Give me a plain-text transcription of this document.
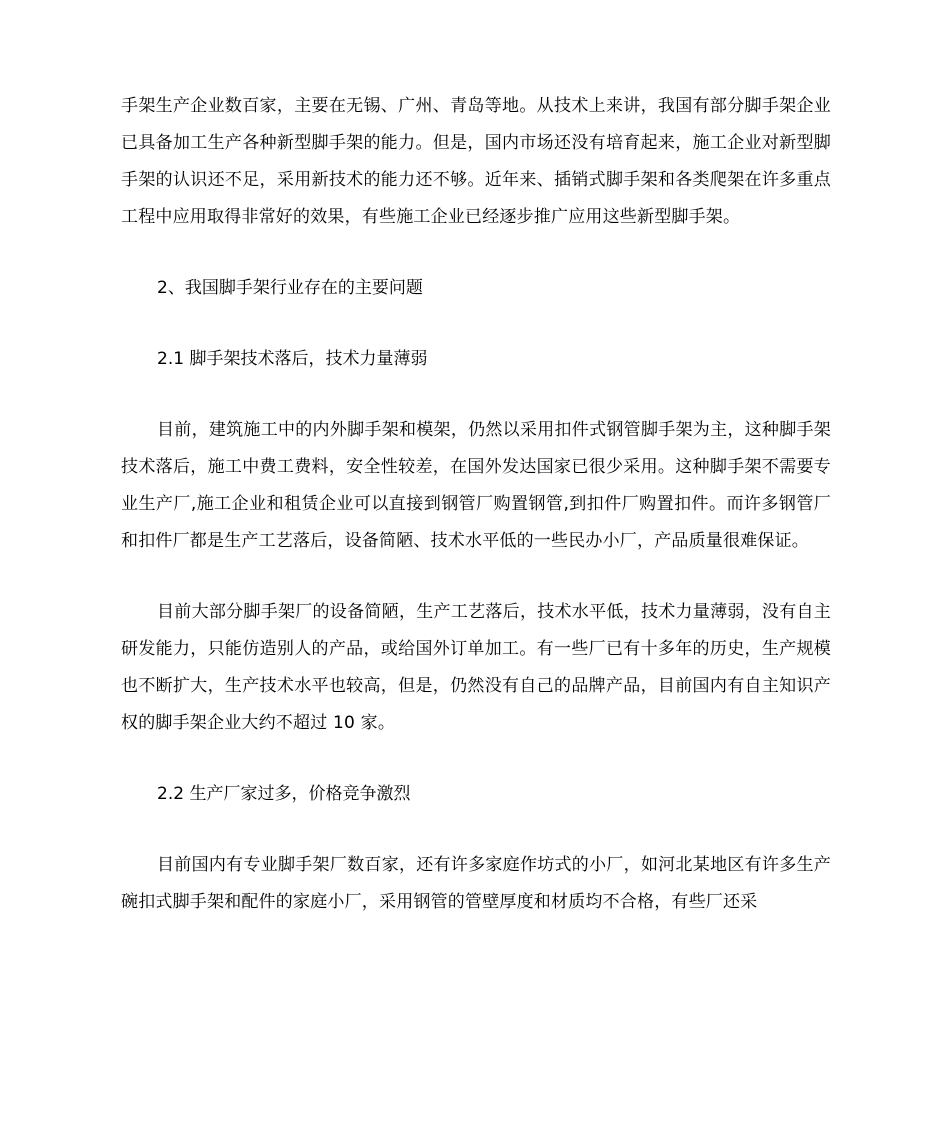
手架生产企业数百家，主要在无锡、广州、青岛等地。从技术上来讲，我国有部分脚手架企业已具备加工生产各种新型脚手架的能力。但是，国内市场还没有培育起来，施工企业对新型脚手架的认识还不足，采用新技术的能力还不够。近年来、插销式脚手架和各类爬架在许多重点工程中应用取得非常好的效果，有些施工企业已经逐步推广应用这些新型脚手架。

2、我国脚手架行业存在的主要问题

2.1 脚手架技术落后，技术力量薄弱

目前，建筑施工中的内外脚手架和模架，仍然以采用扣件式钢管脚手架为主，这种脚手架技术落后，施工中费工费料，安全性较差，在国外发达国家已很少采用。这种脚手架不需要专业生产厂,施工企业和租赁企业可以直接到钢管厂购置钢管,到扣件厂购置扣件。而许多钢管厂和扣件厂都是生产工艺落后，设备简陋、技术水平低的一些民办小厂，产品质量很难保证。

目前大部分脚手架厂的设备简陋，生产工艺落后，技术水平低，技术力量薄弱，没有自主研发能力，只能仿造别人的产品，或给国外订单加工。有一些厂已有十多年的历史，生产规模也不断扩大，生产技术水平也较高，但是，仍然没有自己的品牌产品，目前国内有自主知识产权的脚手架企业大约不超过 10 家。

2.2 生产厂家过多，价格竞争激烈

目前国内有专业脚手架厂数百家，还有许多家庭作坊式的小厂，如河北某地区有许多生产碗扣式脚手架和配件的家庭小厂，采用钢管的管壁厚度和材质均不合格，有些厂还采
